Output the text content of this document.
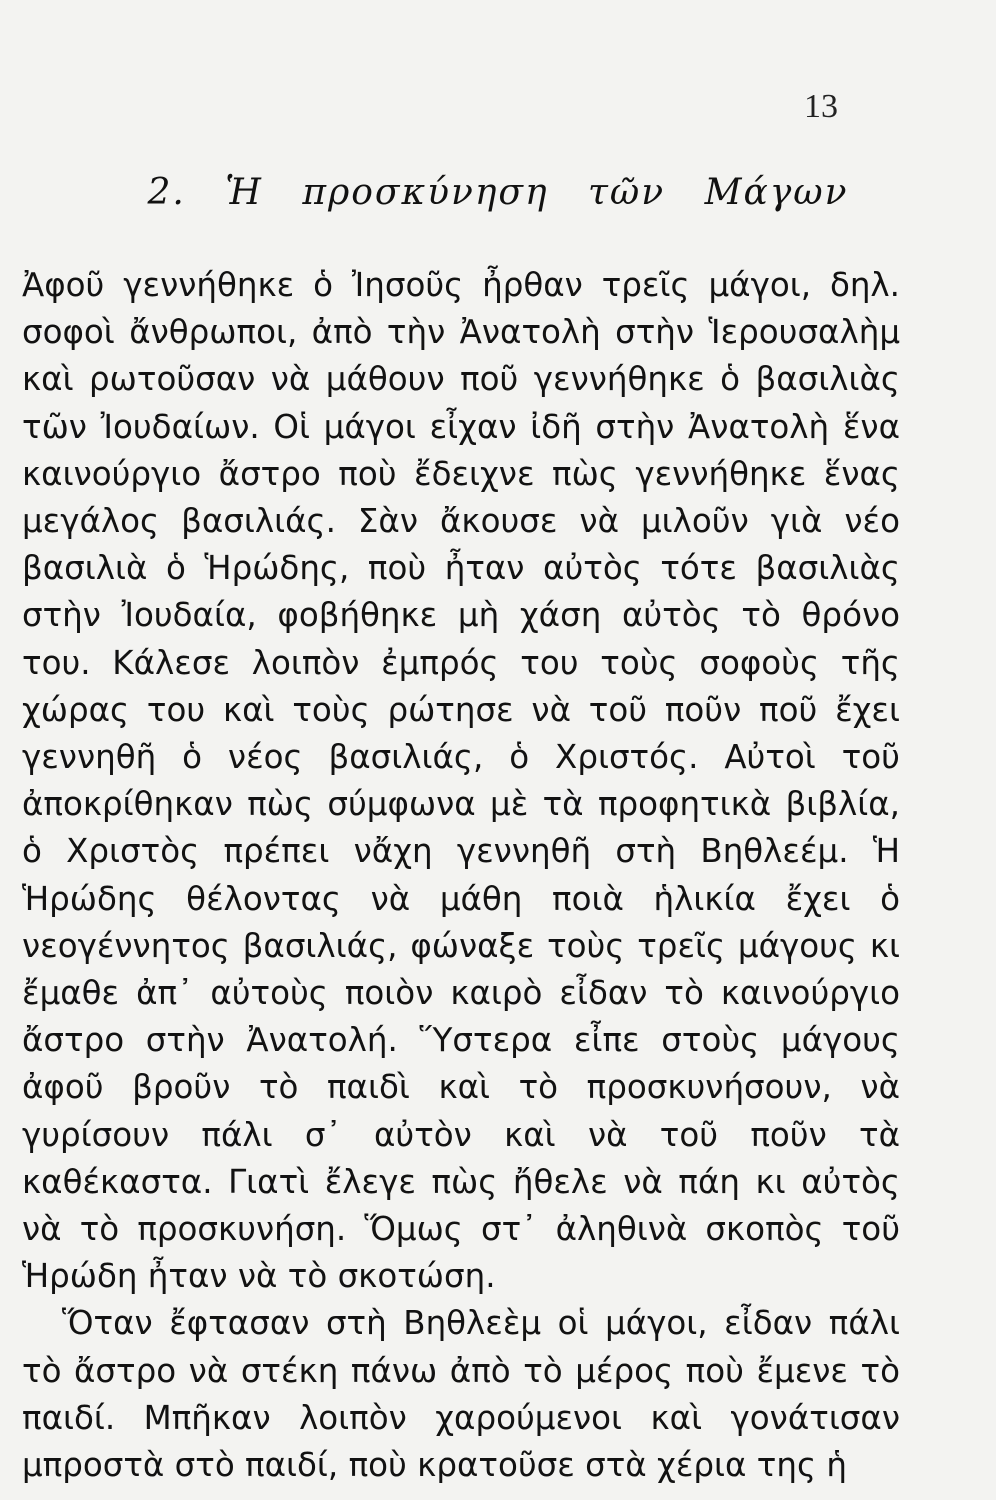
13
2. Ἡ προσκύνηση τῶν Μάγων

Ἀφοῦ γεννήθηκε ὁ Ἰησοῦς ἦρθαν τρεῖς μάγοι, δηλ. σοφοὶ ἄνθρωποι, ἀπὸ τὴν Ἀνατολὴ στὴν Ἱερουσαλὴμ καὶ ρωτοῦσαν νὰ μάθουν ποῦ γεννήθηκε ὁ βασιλιὰς τῶν Ἰουδαίων. Οἱ μάγοι εἶχαν ἰδῆ στὴν Ἀνατολὴ ἕνα καινούργιο ἄστρο ποὺ ἔδειχνε πὼς γεννήθηκε ἕνας μεγάλος βασιλιάς. Σὰν ἄκουσε νὰ μιλοῦν γιὰ νέο βασιλιὰ ὁ Ἡρώδης, ποὺ ἦταν αὐτὸς τότε βασιλιὰς στὴν Ἰουδαία, φοβήθηκε μὴ χάση αὐτὸς τὸ θρόνο του. Κάλεσε λοιπὸν ἐμπρός του τοὺς σοφοὺς τῆς χώρας του καὶ τοὺς ρώτησε νὰ τοῦ ποῦν ποῦ ἔχει γεννηθῆ ὁ νέος βασιλιάς, ὁ Χριστός. Αὐτοὶ τοῦ ἀποκρίθηκαν πὼς σύμφωνα μὲ τὰ προφητικὰ βιβλία, ὁ Χριστὸς πρέπει νἄχη γεννηθῆ στὴ Βηθλεέμ. Ἡ Ἡρώδης θέλοντας νὰ μάθη ποιὰ ἡλικία ἔχει ὁ νεογέννητος βασιλιάς, φώναξε τοὺς τρεῖς μάγους κι ἔμαθε ἀπ᾽ αὐτοὺς ποιὸν καιρὸ εἶδαν τὸ καινούργιο ἄστρο στὴν Ἀνατολή. Ὕστερα εἶπε στοὺς μάγους ἀφοῦ βροῦν τὸ παιδὶ καὶ τὸ προσκυνήσουν, νὰ γυρίσουν πάλι σ᾽ αὐτὸν καὶ νὰ τοῦ ποῦν τὰ καθέκαστα. Γιατὶ ἔλεγε πὼς ἤθελε νὰ πάη κι αὐτὸς νὰ τὸ προσκυνήση. Ὅμως στ᾽ ἀληθινὰ σκοπὸς τοῦ Ἡρώδη ἦταν νὰ τὸ σκοτώση.

Ὅταν ἔφτασαν στὴ Βηθλεὲμ οἱ μάγοι, εἶδαν πάλι τὸ ἄστρο νὰ στέκη πάνω ἀπὸ τὸ μέρος ποὺ ἔμενε τὸ παιδί. Μπῆκαν λοιπὸν χαρούμενοι καὶ γονάτισαν μπροστὰ στὸ παιδί, ποὺ κρατοῦσε στὰ χέρια της ἡ
